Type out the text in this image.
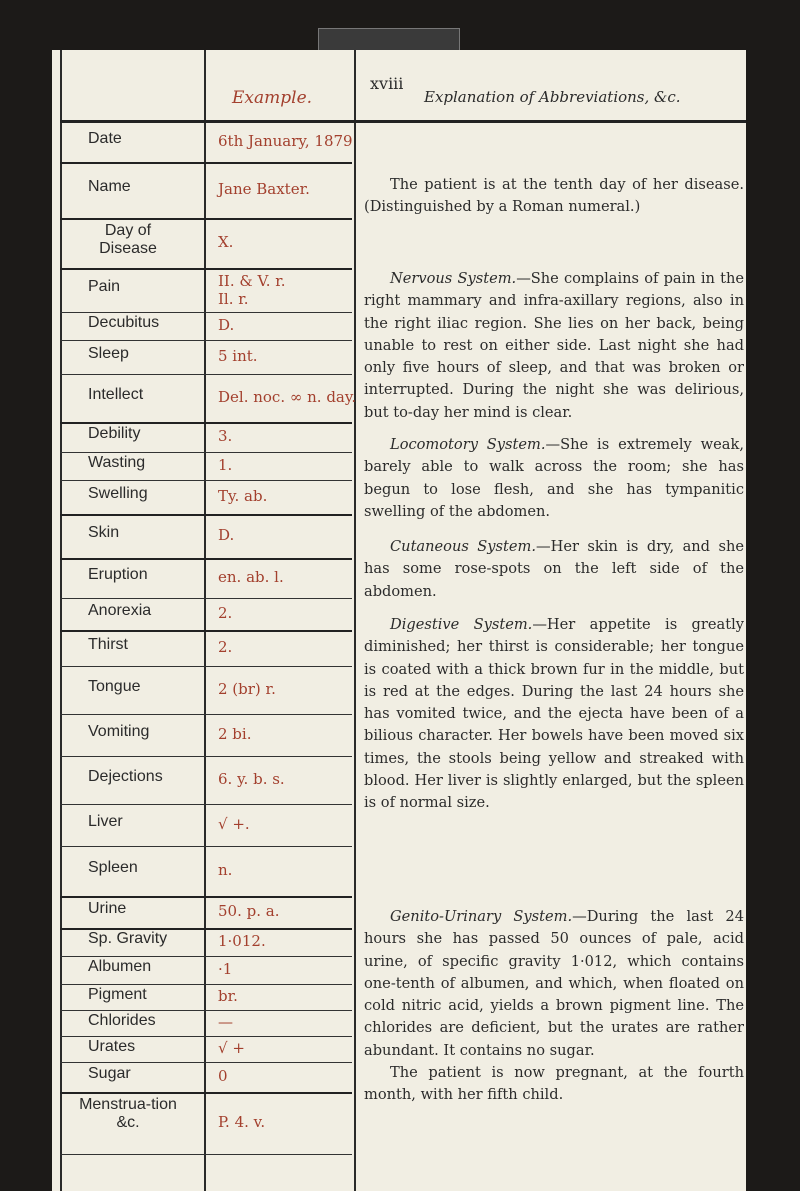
Example.
xviii
Explanation of Abbreviations, &c.
Date	6th January, 1879
Name	Jane Baxter.
Day of Disease	X.
Pain	II. & V. r.
Il. r.
Decubitus	D.
Sleep	5 int.
Intellect	Del. noc. ∞ n. day.
Debility	3.
Wasting	1.
Swelling	Ty. ab.
Skin	D.
Eruption	en. ab. l.
Anorexia	2.
Thirst	2.
Tongue	2 (br) r.
Vomiting	2 bi.
Dejections	6. y. b. s.
Liver	√ +.
Spleen	n.
Urine	50. p. a.
Sp. Gravity	1·012.
Albumen	·1
Pigment	br.
Chlorides	—
Urates	√ +
Sugar	0
Menstrua-tion &c.	P. 4. v.

The patient is at the tenth day of her disease. (Distinguished by a Roman numeral.)

Nervous System.—She complains of pain in the right mammary and infra-axillary regions, also in the right iliac region. She lies on her back, being unable to rest on either side. Last night she had only five hours of sleep, and that was broken or interrupted. During the night she was delirious, but to-day her mind is clear.

Locomotory System.—She is extremely weak, barely able to walk across the room; she has begun to lose flesh, and she has tympanitic swelling of the abdomen.

Cutaneous System.—Her skin is dry, and she has some rose-spots on the left side of the abdomen.

Digestive System.—Her appetite is greatly diminished; her thirst is considerable; her tongue is coated with a thick brown fur in the middle, but is red at the edges. During the last 24 hours she has vomited twice, and the ejecta have been of a bilious character. Her bowels have been moved six times, the stools being yellow and streaked with blood. Her liver is slightly enlarged, but the spleen is of normal size.

Genito-Urinary System.—During the last 24 hours she has passed 50 ounces of pale, acid urine, of specific gravity 1·012, which contains one-tenth of albumen, and which, when floated on cold nitric acid, yields a brown pigment line. The chlorides are deficient, but the urates are rather abundant. It contains no sugar.

The patient is now pregnant, at the fourth month, with her fifth child.
